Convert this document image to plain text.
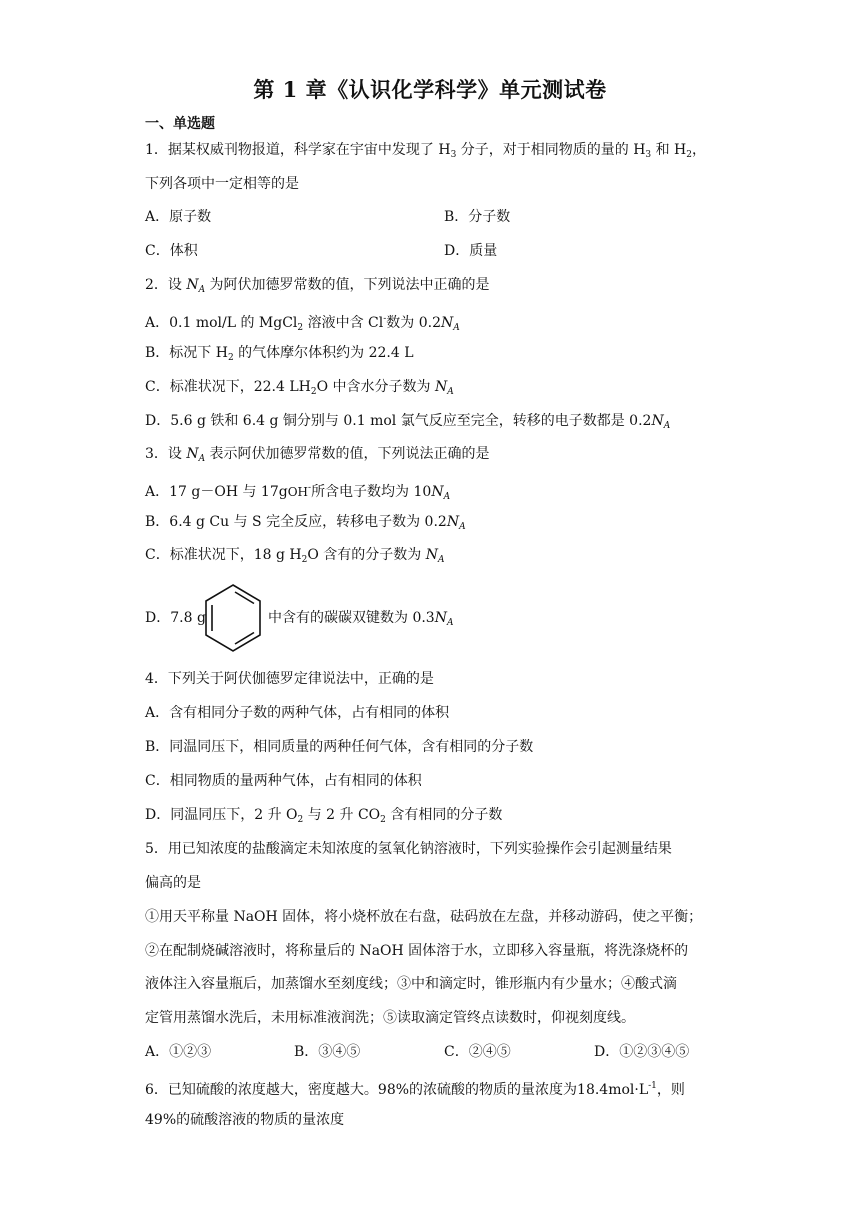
第 1 章《认识化学科学》单元测试卷
一、单选题
1．据某权威刊物报道，科学家在宇宙中发现了 $H_3$ 分子，对于相同物质的量的 $H_3$ 和 $H_2$，
下列各项中一定相等的是
A．原子数	B．分子数
C．体积	D．质量
2．设 $N_A$ 为阿伏加德罗常数的值，下列说法中正确的是
A．0.1 mol/L 的 MgCl$_2$ 溶液中含 Cl-数为 $0.2N_A$
B．标况下 $H_2$ 的气体摩尔体积约为 22.4 L
C．标准状况下，22.4 $LH_2O$ 中含水分子数为 $N_A$
D．5.6 g 铁和 6.4 g 铜分别与 0.1 mol 氯气反应至完全，转移的电子数都是 $0.2N_A$
3．设 $N_A$ 表示阿伏加德罗常数的值，下列说法正确的是
A．17 g－OH 与 17gOH-所含电子数均为 $10N_A$
B．6.4 g Cu 与 S 完全反应，转移电子数为 $0.2N_A$
C．标准状况下，18 g $H_2O$ 含有的分子数为 $N_A$
D．7.8 g	中含有的碳碳双键数为 $0.3N_A$
4．下列关于阿伏伽德罗定律说法中，正确的是
A．含有相同分子数的两种气体，占有相同的体积
B．同温同压下，相同质量的两种任何气体，含有相同的分子数
C．相同物质的量两种气体，占有相同的体积
D．同温同压下，2 升 $O_2$ 与 2 升 $CO_2$ 含有相同的分子数
5．用已知浓度的盐酸滴定未知浓度的氢氧化钠溶液时，下列实验操作会引起测量结果
偏高的是
①用天平称量 NaOH 固体，将小烧杯放在右盘，砝码放在左盘，并移动游码，使之平衡；
②在配制烧碱溶液时，将称量后的 NaOH 固体溶于水，立即移入容量瓶，将洗涤烧杯的
液体注入容量瓶后，加蒸馏水至刻度线；③中和滴定时，锥形瓶内有少量水；④酸式滴
定管用蒸馏水洗后，未用标准液润洗；⑤读取滴定管终点读数时，仰视刻度线。
A．①②③	B．③④⑤	C．②④⑤	D．①②③④⑤
6．已知硫酸的浓度越大，密度越大。98%的浓硫酸的物质的量浓度为$18.4mol\cdot L^{-1}$，则
49%的硫酸溶液的物质的量浓度
